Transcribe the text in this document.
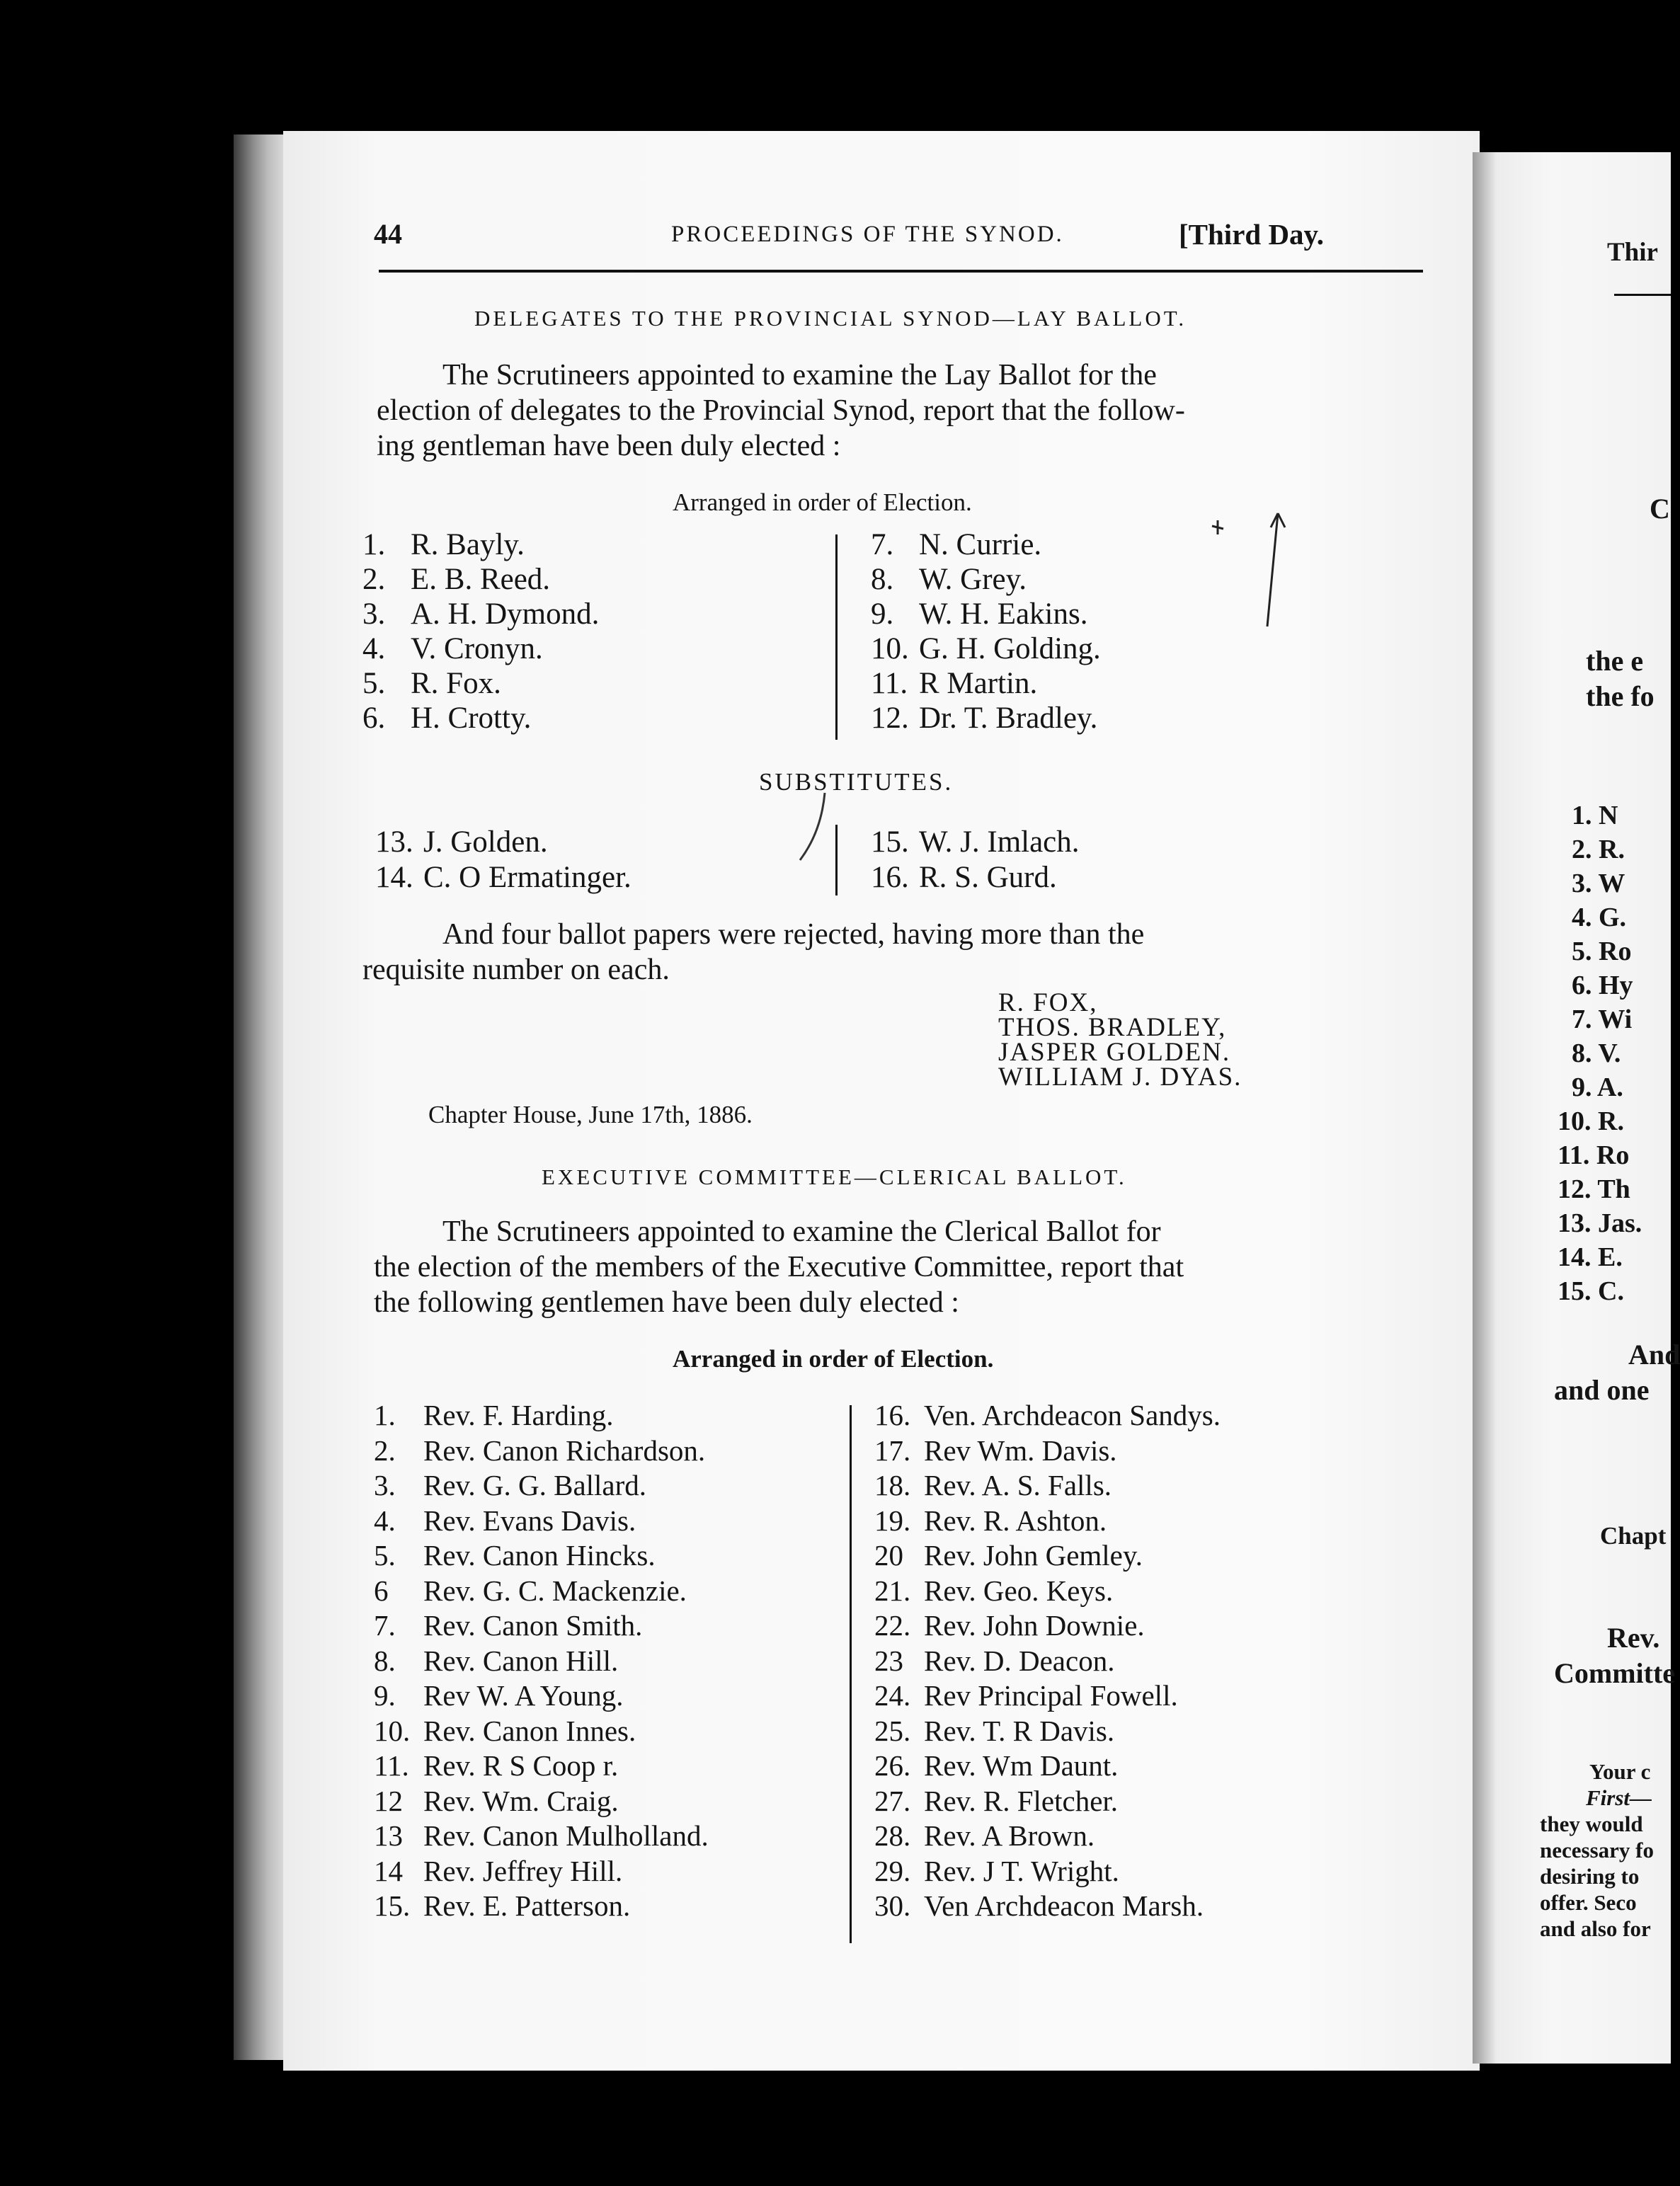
44	PROCEEDINGS OF THE SYNOD.	[Third Day.
DELEGATES TO THE PROVINCIAL SYNOD—LAY BALLOT.
The Scrutineers appointed to examine the Lay Ballot for the
election of delegates to the Provincial Synod, report that the follow-
ing gentleman have been duly elected :
Arranged in order of Election.
1. R. Bayly.
2. E. B. Reed.
3. A. H. Dymond.
4. V. Cronyn.
5. R. Fox.
6. H. Crotty.
7. N. Currie.
8. W. Grey.
9. W. H. Eakins.
10. G. H. Golding.
11. R Martin.
12. Dr. T. Bradley.
SUBSTITUTES.
13. J. Golden.
14. C. O Ermatinger.
15. W. J. Imlach.
16. R. S. Gurd.
And four ballot papers were rejected, having more than the
requisite number on each.
R. FOX,
THOS. BRADLEY,
JASPER GOLDEN.
WILLIAM J. DYAS.
Chapter House, June 17th, 1886.
EXECUTIVE COMMITTEE—CLERICAL BALLOT.
The Scrutineers appointed to examine the Clerical Ballot for
the election of the members of the Executive Committee, report that
the following gentlemen have been duly elected :
Arranged in order of Election.
1. Rev. F. Harding.
2. Rev. Canon Richardson.
3. Rev. G. G. Ballard.
4. Rev. Evans Davis.
5. Rev. Canon Hincks.
6 Rev. G. C. Mackenzie.
7. Rev. Canon Smith.
8. Rev. Canon Hill.
9. Rev W. A Young.
10. Rev. Canon Innes.
11. Rev. R S Coop r.
12 Rev. Wm. Craig.
13 Rev. Canon Mulholland.
14 Rev. Jeffrey Hill.
15. Rev. E. Patterson.
16. Ven. Archdeacon Sandys.
17. Rev Wm. Davis.
18. Rev. A. S. Falls.
19. Rev. R. Ashton.
20 Rev. John Gemley.
21. Rev. Geo. Keys.
22. Rev. John Downie.
23 Rev. D. Deacon.
24. Rev Principal Fowell.
25. Rev. T. R Davis.
26. Rev. Wm Daunt.
27. Rev. R. Fletcher.
28. Rev. A Brown.
29. Rev. J T. Wright.
30. Ven Archdeacon Marsh.
Thir
C
the e
the fo
1. N
2. R.
3. W
4. G.
5. Ro
6. Hy
7. Wi
8. V.
9. A.
10. R.
11. Ro
12. Th
13. Jas.
14. E.
15. C.
And
and one
Chapt
Rev.
Committe
Your c
First—
they would
necessary fo
desiring to
offer. Seco
and also for
